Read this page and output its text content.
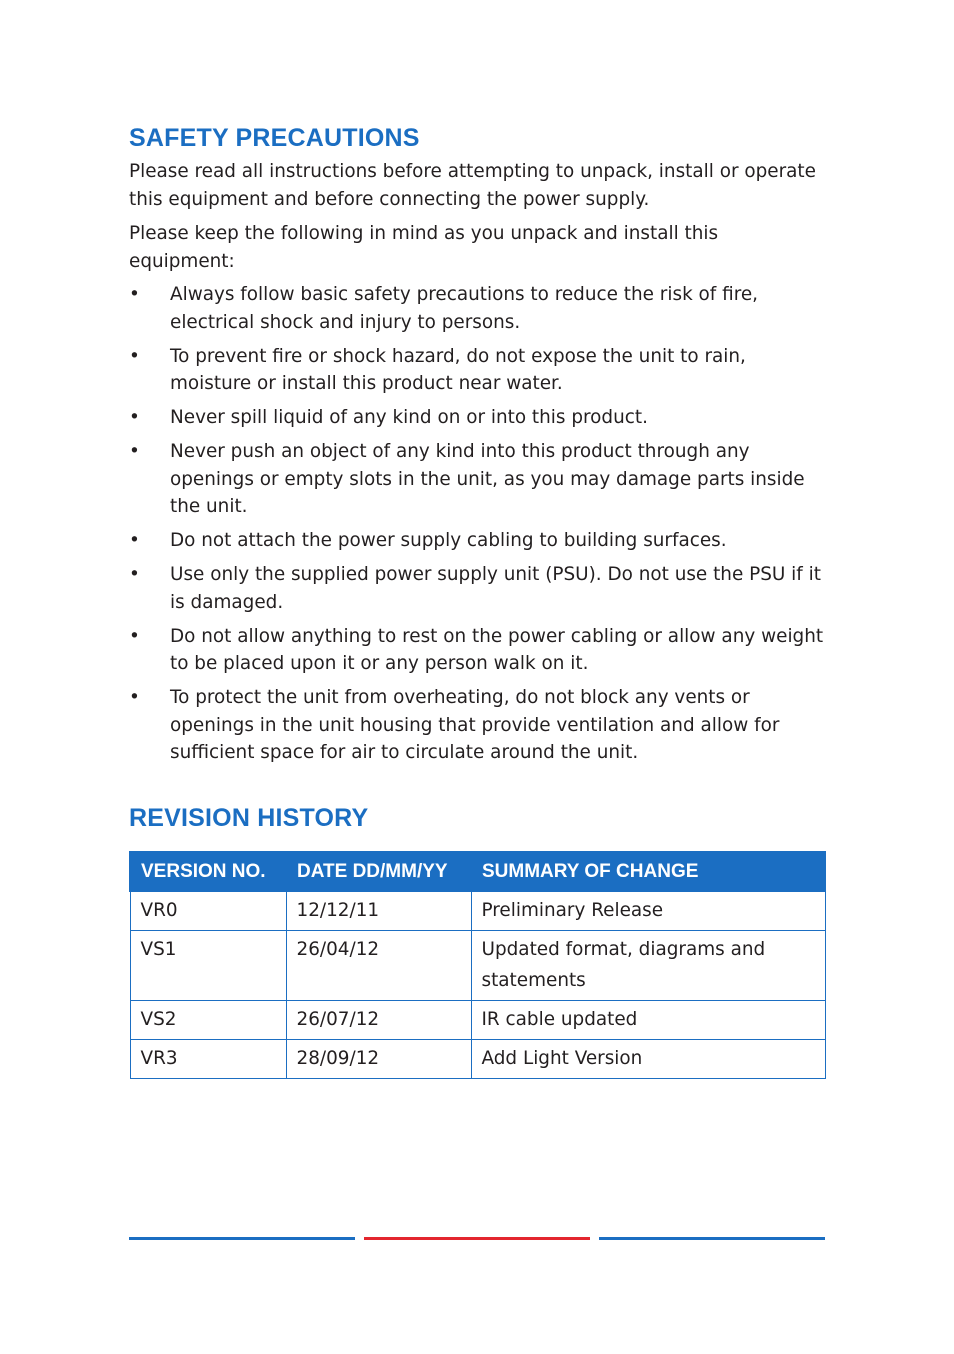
SAFETY PRECAUTIONS

Please read all instructions before attempting to unpack, install or operate this equipment and before connecting the power supply.

Please keep the following in mind as you unpack and install this equipment:

•	Always follow basic safety precautions to reduce the risk of fire, electrical shock and injury to persons.
•	To prevent fire or shock hazard, do not expose the unit to rain, moisture or install this product near water.
•	Never spill liquid of any kind on or into this product.
•	Never push an object of any kind into this product through any openings or empty slots in the unit, as you may damage parts inside the unit.
•	Do not attach the power supply cabling to building surfaces.
•	Use only the supplied power supply unit (PSU). Do not use the PSU if it is damaged.
•	Do not allow anything to rest on the power cabling or allow any weight to be placed upon it or any person walk on it.
•	To protect the unit from overheating, do not block any vents or openings in the unit housing that provide ventilation and allow for sufficient space for air to circulate around the unit.
REVISION HISTORY
VERSION NO.	DATE DD/MM/YY	SUMMARY OF CHANGE
VR0	12/12/11	Preliminary Release
VS1	26/04/12	Updated format, diagrams and statements
VS2	26/07/12	IR cable updated
VR3	28/09/12	Add Light Version
